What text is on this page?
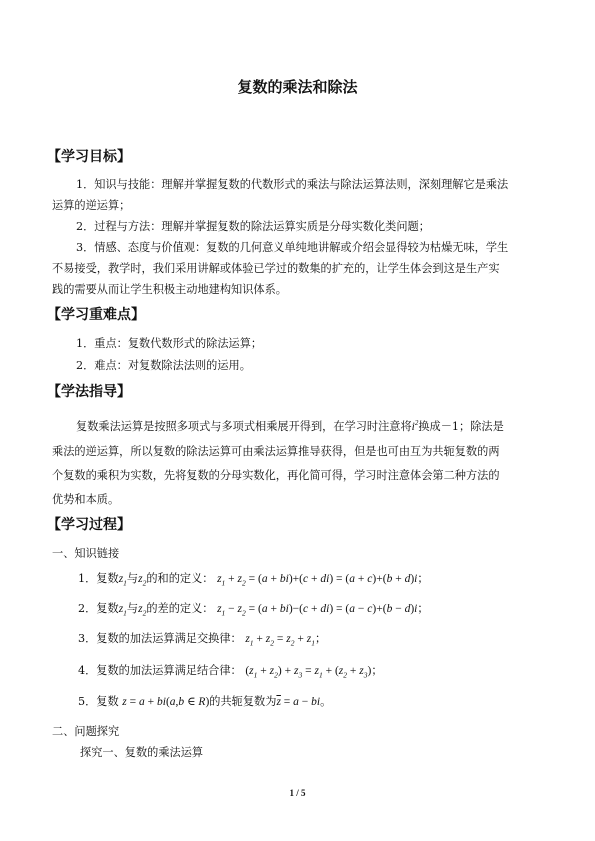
复数的乘法和除法
【学习目标】
1．知识与技能：理解并掌握复数的代数形式的乘法与除法运算法则，深刻理解它是乘法
运算的逆运算；
2．过程与方法：理解并掌握复数的除法运算实质是分母实数化类问题；
3．情感、态度与价值观：复数的几何意义单纯地讲解或介绍会显得较为枯燥无味，学生
不易接受，教学时，我们采用讲解或体验已学过的数集的扩充的，让学生体会到这是生产实
践的需要从而让学生积极主动地建构知识体系。
【学习重难点】
1．重点：复数代数形式的除法运算；
2．难点：对复数除法法则的运用。
【学法指导】
复数乘法运算是按照多项式与多项式相乘展开得到，在学习时注意将$i^2$换成－1；除法是
乘法的逆运算，所以复数的除法运算可由乘法运算推导获得，但是也可由互为共轭复数的两
个复数的乘积为实数，先将复数的分母实数化，再化简可得，学习时注意体会第二种方法的
优势和本质。
【学习过程】
一、知识链接
1．复数$z_1$与$z_2$的和的定义： $z_1 + z_2 = (a + bi)+(c + di) = (a + c)+(b + d)i$；
2．复数$z_1$与$z_2$的差的定义： $z_1 - z_2 = (a + bi)-(c + di) = (a - c)+(b - d)i$；
3．复数的加法运算满足交换律： $z_1 + z_2 = z_2 + z_1$；
4．复数的加法运算满足结合律： $(z_1 + z_2) + z_3 = z_1 + (z_2 + z_3)$；
5．复数 z = a + bi(a,b ∈ R)的共轭复数为$\overline{z} = a$ − bi。
二、问题探究
探究一、复数的乘法运算
1 / 5
